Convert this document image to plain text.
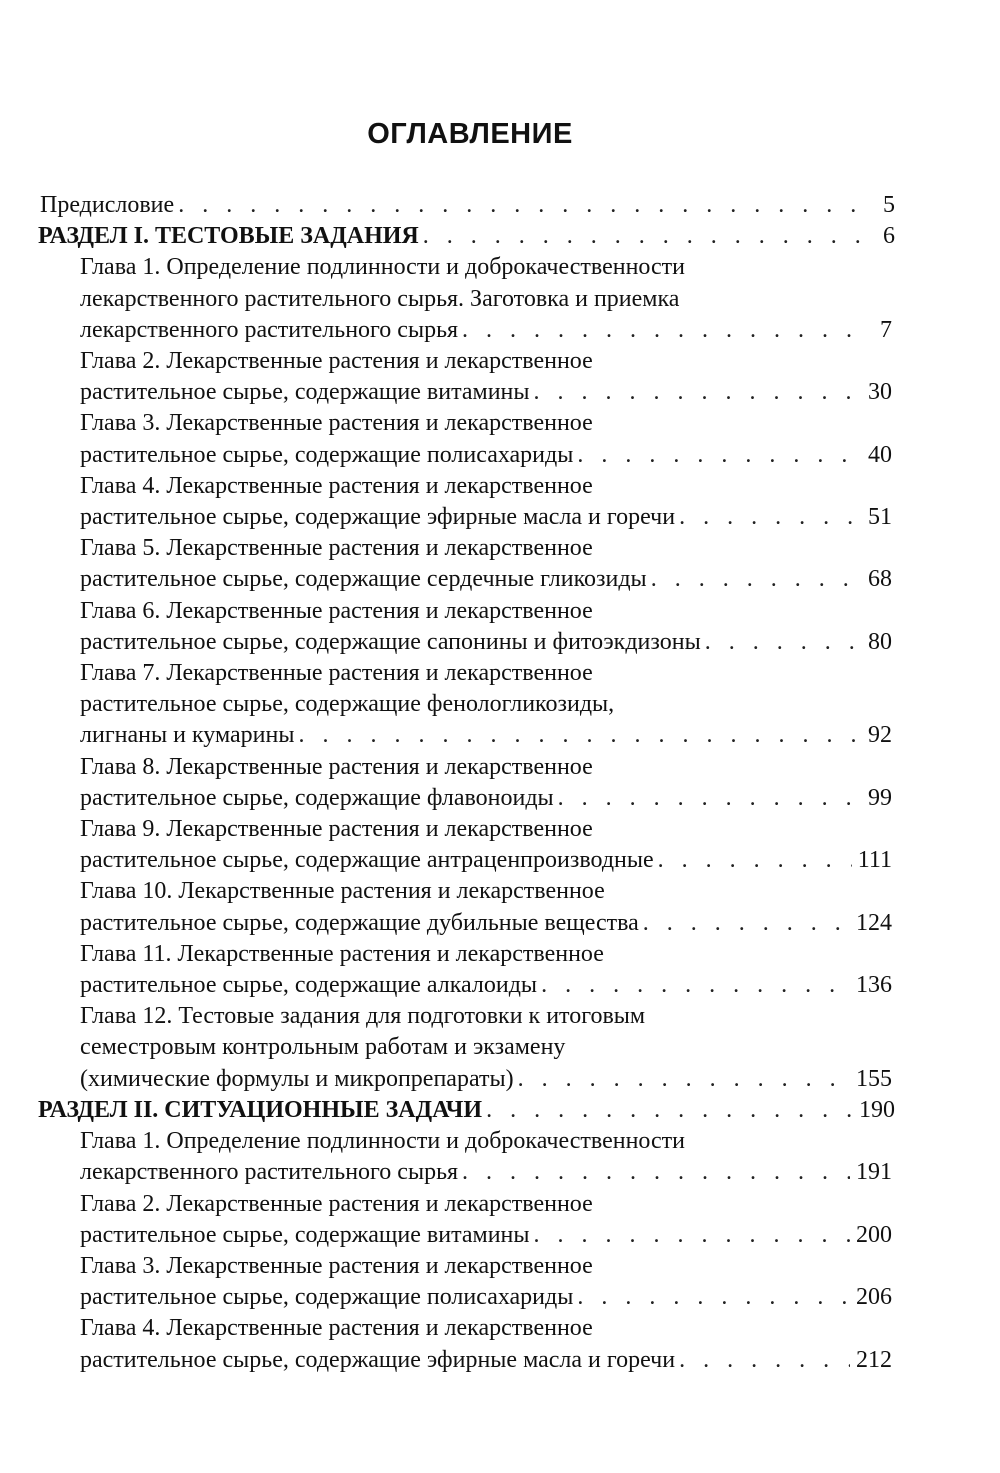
ОГЛАВЛЕНИЕ
Предисловие . . .	5
РАЗДЕЛ I. ТЕСТОВЫЕ ЗАДАНИЯ . . .	6
Глава 1. Определение подлинности и доброкачественности
лекарственного растительного сырья. Заготовка и приемка
лекарственного растительного сырья . . .	7
Глава 2. Лекарственные растения и лекарственное
растительное сырье, содержащие витамины . . .	30
Глава 3. Лекарственные растения и лекарственное
растительное сырье, содержащие полисахариды . . .	40
Глава 4. Лекарственные растения и лекарственное
растительное сырье, содержащие эфирные масла и горечи . . .	51
Глава 5. Лекарственные растения и лекарственное
растительное сырье, содержащие сердечные гликозиды . . .	68
Глава 6. Лекарственные растения и лекарственное
растительное сырье, содержащие сапонины и фитоэкдизоны . . .	80
Глава 7. Лекарственные растения и лекарственное
растительное сырье, содержащие фенологликозиды,
лигнаны и кумарины . . .	92
Глава 8. Лекарственные растения и лекарственное
растительное сырье, содержащие флавоноиды . . .	99
Глава 9. Лекарственные растения и лекарственное
растительное сырье, содержащие антраценпроизводные . . .	111
Глава 10. Лекарственные растения и лекарственное
растительное сырье, содержащие дубильные вещества . . .	124
Глава 11. Лекарственные растения и лекарственное
растительное сырье, содержащие алкалоиды . . .	136
Глава 12. Тестовые задания для подготовки к итоговым
семестровым контрольным работам и экзамену
(химические формулы и микропрепараты) . . .	155
РАЗДЕЛ II. СИТУАЦИОННЫЕ ЗАДАЧИ . . .	190
Глава 1. Определение подлинности и доброкачественности
лекарственного растительного сырья . . .	191
Глава 2. Лекарственные растения и лекарственное
растительное сырье, содержащие витамины . . .	200
Глава 3. Лекарственные растения и лекарственное
растительное сырье, содержащие полисахариды . . .	206
Глава 4. Лекарственные растения и лекарственное
растительное сырье, содержащие эфирные масла и горечи . . .	212
